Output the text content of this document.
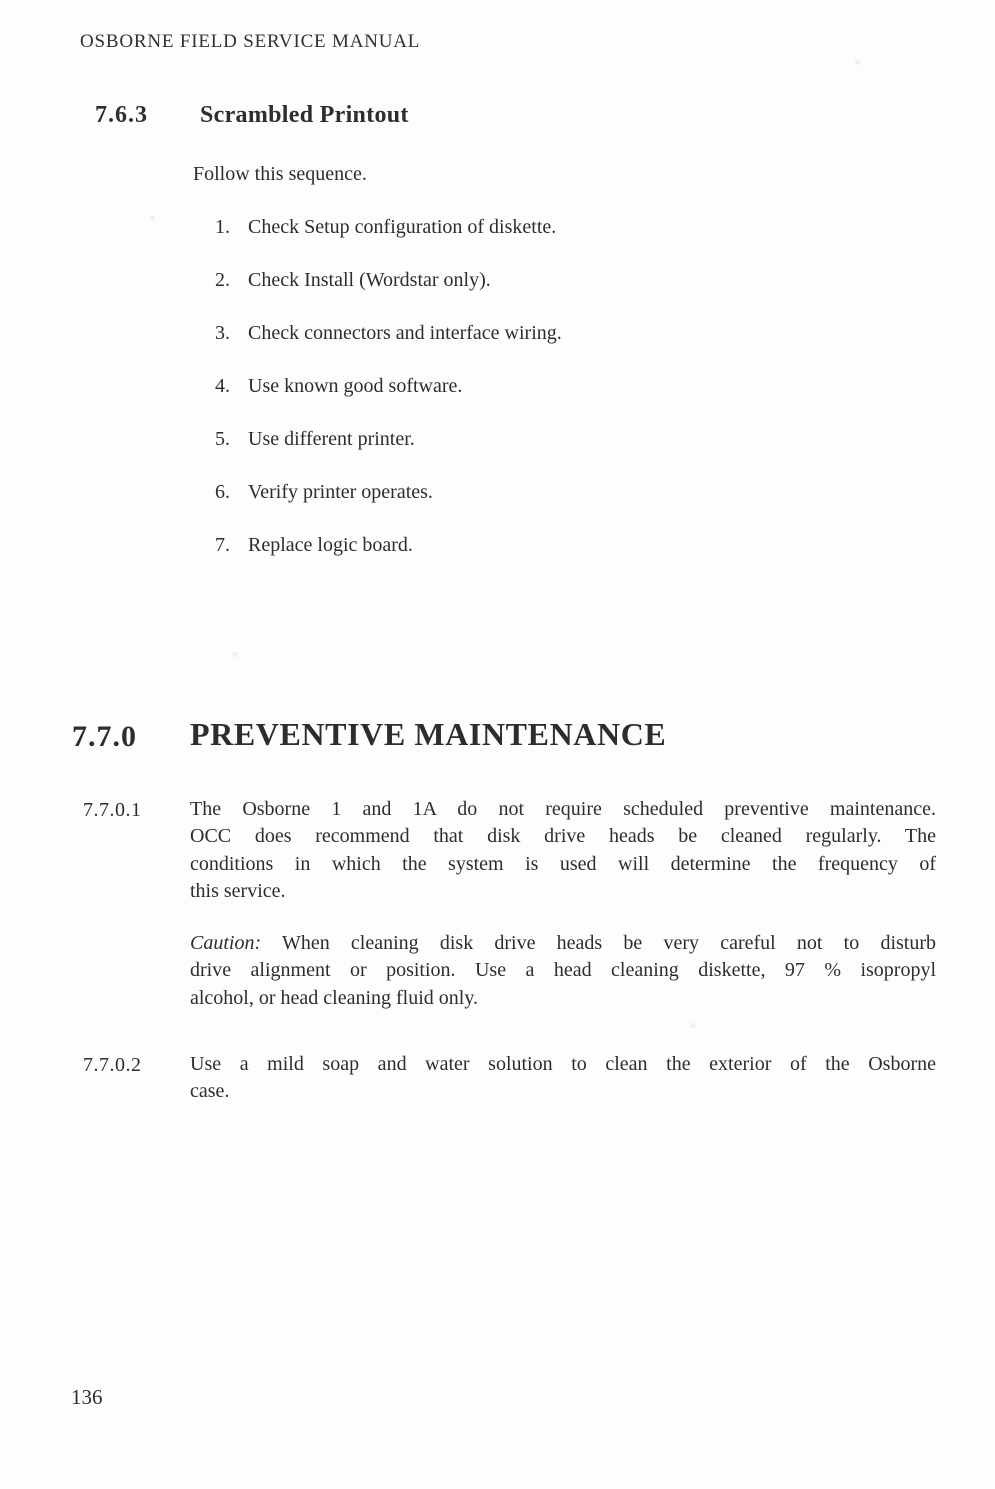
OSBORNE FIELD SERVICE MANUAL
7.6.3 Scrambled Printout
Follow this sequence.
1. Check Setup configuration of diskette.
2. Check Install (Wordstar only).
3. Check connectors and interface wiring.
4. Use known good software.
5. Use different printer.
6. Verify printer operates.
7. Replace logic board.
7.7.0 PREVENTIVE MAINTENANCE
7.7.0.1 The Osborne 1 and 1A do not require scheduled preventive maintenance.
OCC does recommend that disk drive heads be cleaned regularly. The
conditions in which the system is used will determine the frequency of
this service.
Caution: When cleaning disk drive heads be very careful not to disturb
drive alignment or position. Use a head cleaning diskette, 97 % isopropyl
alcohol, or head cleaning fluid only.
7.7.0.2 Use a mild soap and water solution to clean the exterior of the Osborne
case.
136
